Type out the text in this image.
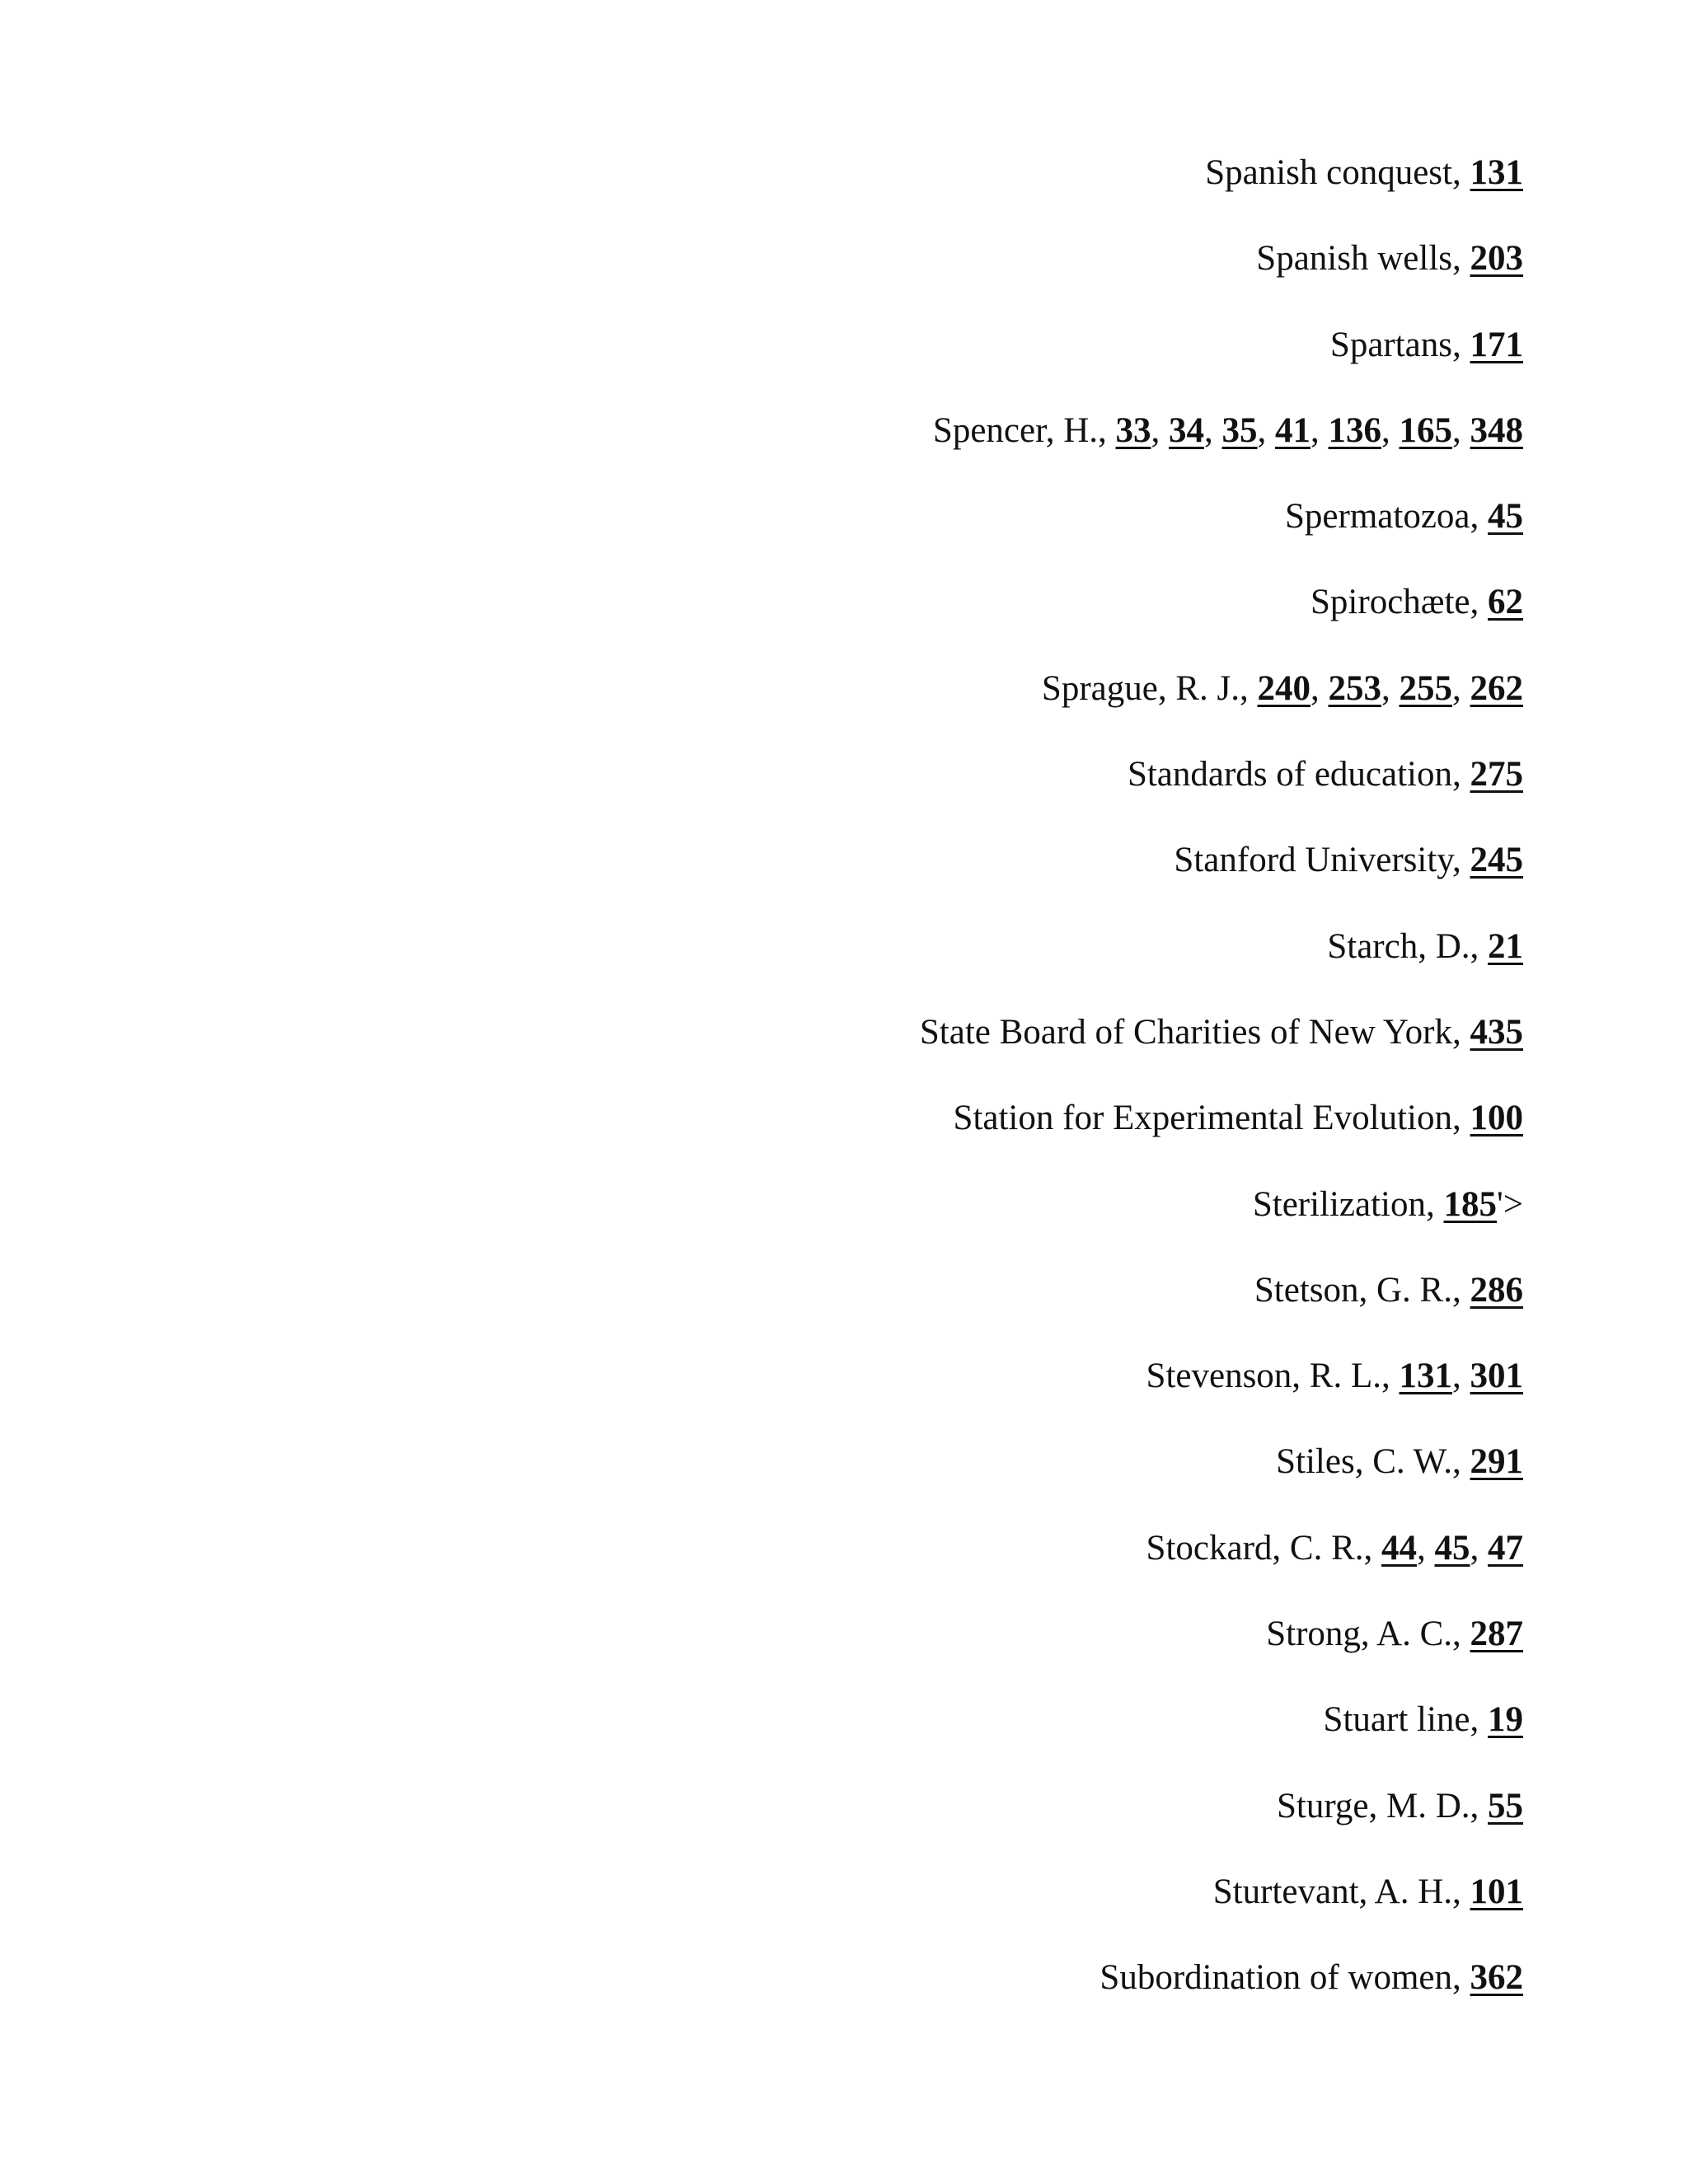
Spanish conquest, 131
Spanish wells, 203
Spartans, 171
Spencer, H., 33, 34, 35, 41, 136, 165, 348
Spermatozoa, 45
Spirochæte, 62
Sprague, R. J., 240, 253, 255, 262
Standards of education, 275
Stanford University, 245
Starch, D., 21
State Board of Charities of New York, 435
Station for Experimental Evolution, 100
Sterilization, 185'>
Stetson, G. R., 286
Stevenson, R. L., 131, 301
Stiles, C. W., 291
Stockard, C. R., 44, 45, 47
Strong, A. C., 287
Stuart line, 19
Sturge, M. D., 55
Sturtevant, A. H., 101
Subordination of women, 362
